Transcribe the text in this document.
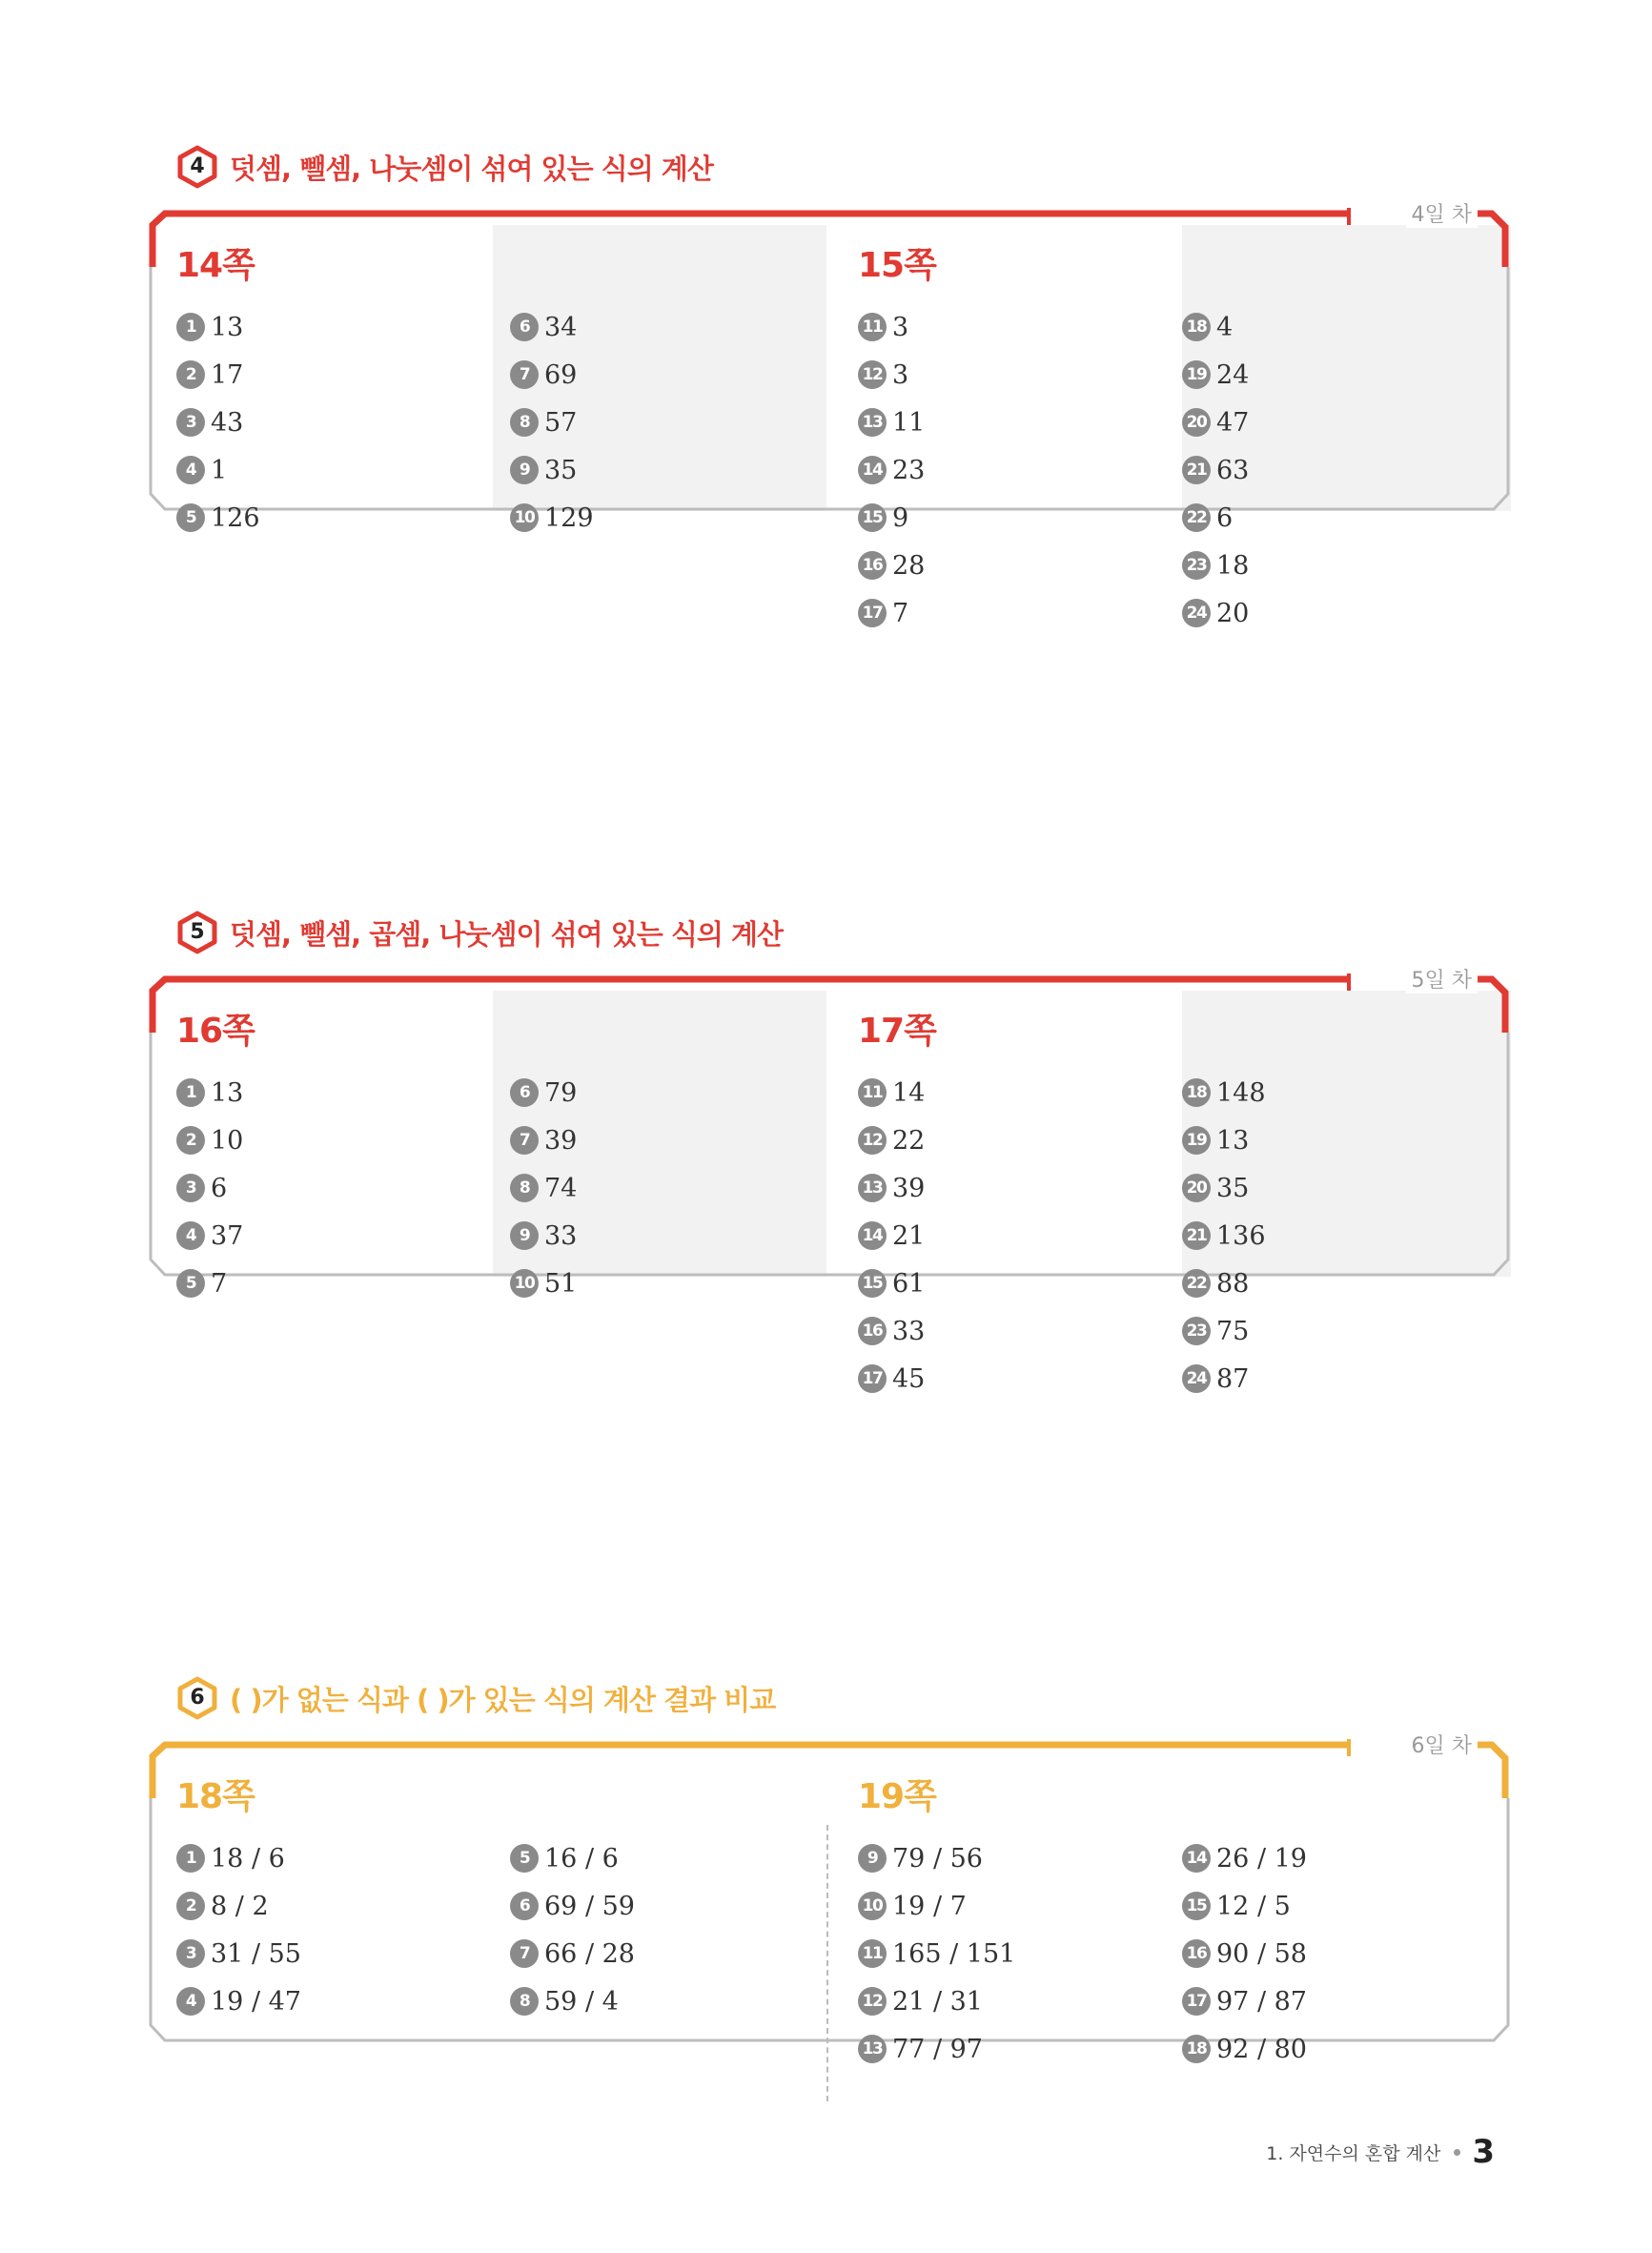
4 덧셈, 뺄셈, 나눗셈이 섞여 있는 식의 계산
4일 차
14쪽
1 13
2 17
3 43
4 1
5 126
6 34
7 69
8 57
9 35
10 129
15쪽
11 3
12 3
13 11
14 23
15 9
16 28
17 7
18 4
19 24
20 47
21 63
22 6
23 18
24 20
5 덧셈, 뺄셈, 곱셈, 나눗셈이 섞여 있는 식의 계산
5일 차
16쪽
1 13
2 10
3 6
4 37
5 7
6 79
7 39
8 74
9 33
10 51
17쪽
11 14
12 22
13 39
14 21
15 61
16 33
17 45
18 148
19 13
20 35
21 136
22 88
23 75
24 87
6 ( )가 없는 식과 ( )가 있는 식의 계산 결과 비교
6일 차
18쪽
1 18 / 6
2 8 / 2
3 31 / 55
4 19 / 47
5 16 / 6
6 69 / 59
7 66 / 28
8 59 / 4
19쪽
9 79 / 56
10 19 / 7
11 165 / 151
12 21 / 31
13 77 / 97
14 26 / 19
15 12 / 5
16 90 / 58
17 97 / 87
18 92 / 80
1. 자연수의 혼합 계산 3
